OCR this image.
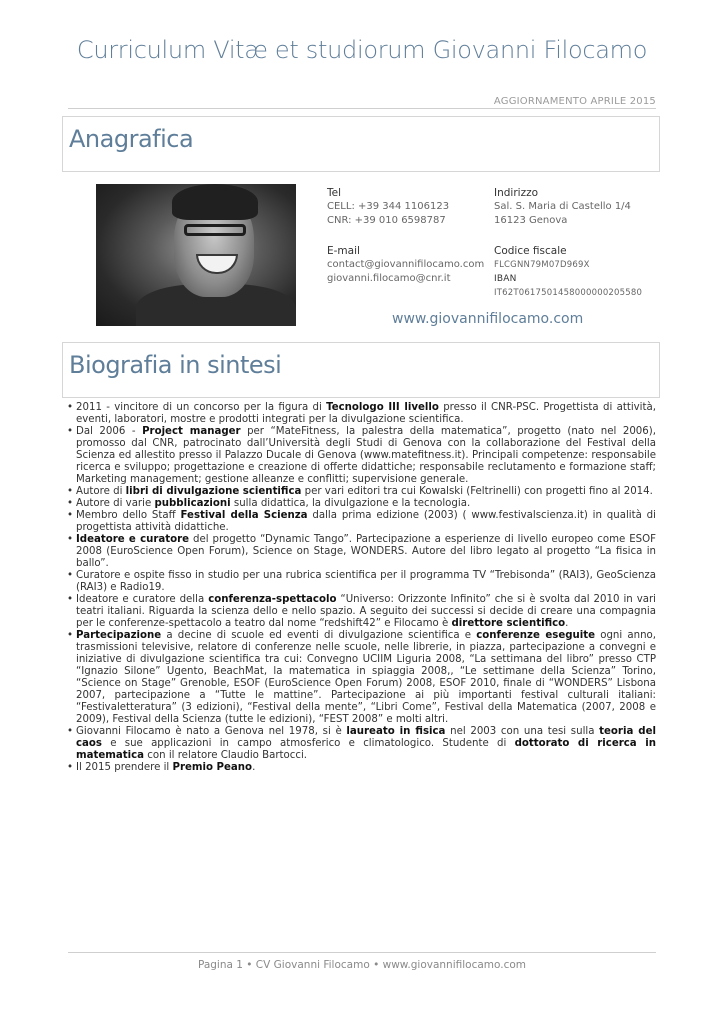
Curriculum Vitæ et studiorum Giovanni Filocamo
AGGIORNAMENTO APRILE 2015
Anagrafica
Tel
CELL: +39 344 1106123
CNR: +39 010 6598787
E-mail
contact@giovannifilocamo.com
giovanni.filocamo@cnr.it
Indirizzo
Sal. S. Maria di Castello 1/4
16123 Genova
Codice fiscale
FLCGNN79M07D969X
IBAN
IT62T0617501458000000205580
www.giovannifilocamo.com
Biografia in sintesi
• 2011 - vincitore di un concorso per la figura di Tecnologo III livello presso il CNR-PSC. Progettista di attività, eventi, laboratori, mostre e prodotti integrati per la divulgazione scientifica.
• Dal 2006 - Project manager per “MateFitness, la palestra della matematica”, progetto (nato nel 2006), promosso dal CNR, patrocinato dall’Università degli Studi di Genova con la collaborazione del Festival della Scienza ed allestito presso il Palazzo Ducale di Genova (www.matefitness.it). Principali competenze: responsabile ricerca e sviluppo; progettazione e creazione di offerte didattiche; responsabile reclutamento e formazione staff; Marketing management; gestione alleanze e conflitti; supervisione generale.
• Autore di libri di divulgazione scientifica per vari editori tra cui Kowalski (Feltrinelli) con progetti fino al 2014.
• Autore di varie pubblicazioni sulla didattica, la divulgazione e la tecnologia.
• Membro dello Staff Festival della Scienza dalla prima edizione (2003) ( www.festivalscienza.it) in qualità di progettista attività didattiche.
• Ideatore e curatore del progetto “Dynamic Tango”. Partecipazione a esperienze di livello europeo come ESOF 2008 (EuroScience Open Forum), Science on Stage, WONDERS. Autore del libro legato al progetto “La fisica in ballo”.
• Curatore e ospite fisso in studio per una rubrica scientifica per il programma TV “Trebisonda” (RAI3), GeoScienza (RAI3) e Radio19.
• Ideatore e curatore della conferenza-spettacolo “Universo: Orizzonte Infinito” che si è svolta dal 2010 in vari teatri italiani. Riguarda la scienza dello e nello spazio. A seguito dei successi si decide di creare una compagnia per le conferenze-spettacolo a teatro dal nome “redshift42” e Filocamo è direttore scientifico.
• Partecipazione a decine di scuole ed eventi di divulgazione scientifica e conferenze eseguite ogni anno, trasmissioni televisive, relatore di conferenze nelle scuole, nelle librerie, in piazza, partecipazione a convegni e iniziative di divulgazione scientifica tra cui: Convegno UCIIM Liguria 2008, “La settimana del libro” presso CTP “Ignazio Silone” Ugento, BeachMat, la matematica in spiaggia 2008,, “Le settimane della Scienza” Torino, “Science on Stage” Grenoble, ESOF (EuroScience Open Forum) 2008, ESOF 2010, finale di “WONDERS” Lisbona 2007, partecipazione a “Tutte le mattine”. Partecipazione ai più importanti festival culturali italiani: “Festivaletteratura” (3 edizioni), “Festival della mente”, “Libri Come”, Festival della Matematica (2007, 2008 e 2009), Festival della Scienza (tutte le edizioni), “FEST 2008” e molti altri.
• Giovanni Filocamo è nato a Genova nel 1978, si è laureato in fisica nel 2003 con una tesi sulla teoria del caos e sue applicazioni in campo atmosferico e climatologico. Studente di dottorato di ricerca in matematica con il relatore Claudio Bartocci.
• Il 2015 prendere il Premio Peano.
Pagina 1 • CV Giovanni Filocamo • www.giovannifilocamo.com
